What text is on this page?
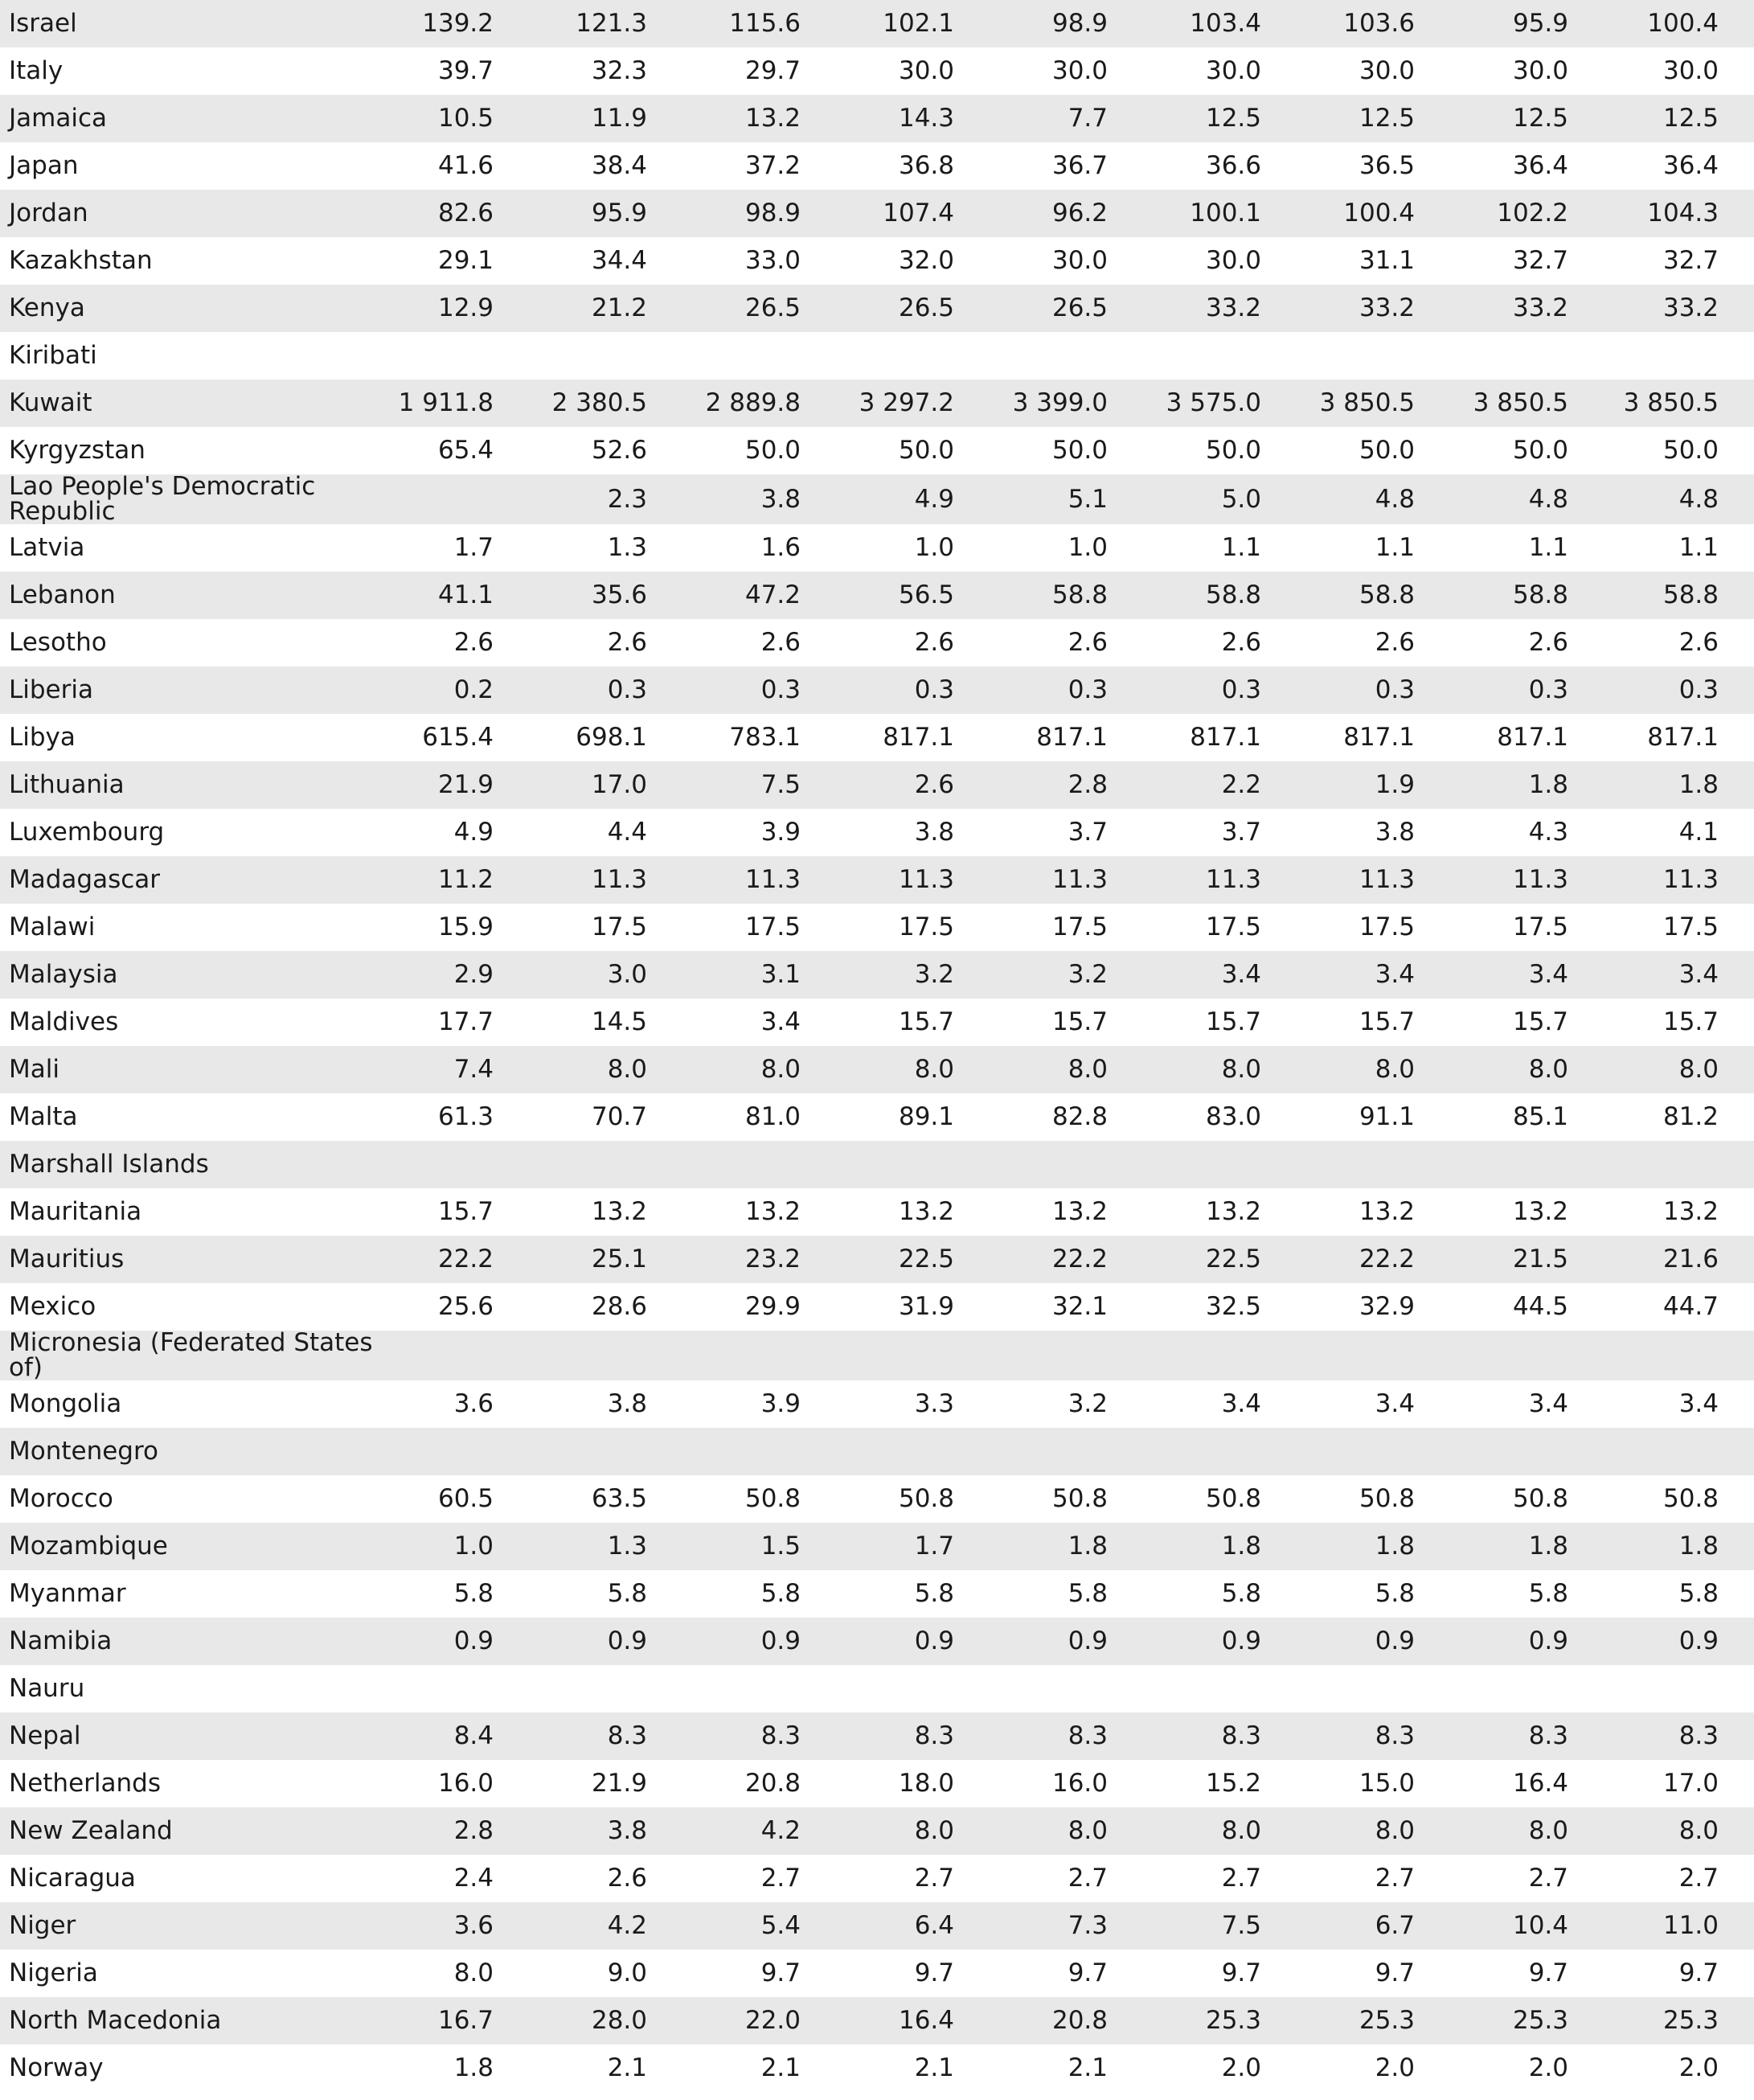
Israel	139.2	121.3	115.6	102.1	98.9	103.4	103.6	95.9	100.4
Italy	39.7	32.3	29.7	30.0	30.0	30.0	30.0	30.0	30.0
Jamaica	10.5	11.9	13.2	14.3	7.7	12.5	12.5	12.5	12.5
Japan	41.6	38.4	37.2	36.8	36.7	36.6	36.5	36.4	36.4
Jordan	82.6	95.9	98.9	107.4	96.2	100.1	100.4	102.2	104.3
Kazakhstan	29.1	34.4	33.0	32.0	30.0	30.0	31.1	32.7	32.7
Kenya	12.9	21.2	26.5	26.5	26.5	33.2	33.2	33.2	33.2
Kiribati									
Kuwait	1 911.8	2 380.5	2 889.8	3 297.2	3 399.0	3 575.0	3 850.5	3 850.5	3 850.5
Kyrgyzstan	65.4	52.6	50.0	50.0	50.0	50.0	50.0	50.0	50.0
Lao People's Democratic Republic		2.3	3.8	4.9	5.1	5.0	4.8	4.8	4.8
Latvia	1.7	1.3	1.6	1.0	1.0	1.1	1.1	1.1	1.1
Lebanon	41.1	35.6	47.2	56.5	58.8	58.8	58.8	58.8	58.8
Lesotho	2.6	2.6	2.6	2.6	2.6	2.6	2.6	2.6	2.6
Liberia	0.2	0.3	0.3	0.3	0.3	0.3	0.3	0.3	0.3
Libya	615.4	698.1	783.1	817.1	817.1	817.1	817.1	817.1	817.1
Lithuania	21.9	17.0	7.5	2.6	2.8	2.2	1.9	1.8	1.8
Luxembourg	4.9	4.4	3.9	3.8	3.7	3.7	3.8	4.3	4.1
Madagascar	11.2	11.3	11.3	11.3	11.3	11.3	11.3	11.3	11.3
Malawi	15.9	17.5	17.5	17.5	17.5	17.5	17.5	17.5	17.5
Malaysia	2.9	3.0	3.1	3.2	3.2	3.4	3.4	3.4	3.4
Maldives	17.7	14.5	3.4	15.7	15.7	15.7	15.7	15.7	15.7
Mali	7.4	8.0	8.0	8.0	8.0	8.0	8.0	8.0	8.0
Malta	61.3	70.7	81.0	89.1	82.8	83.0	91.1	85.1	81.2
Marshall Islands									
Mauritania	15.7	13.2	13.2	13.2	13.2	13.2	13.2	13.2	13.2
Mauritius	22.2	25.1	23.2	22.5	22.2	22.5	22.2	21.5	21.6
Mexico	25.6	28.6	29.9	31.9	32.1	32.5	32.9	44.5	44.7
Micronesia (Federated States of)									
Mongolia	3.6	3.8	3.9	3.3	3.2	3.4	3.4	3.4	3.4
Montenegro									
Morocco	60.5	63.5	50.8	50.8	50.8	50.8	50.8	50.8	50.8
Mozambique	1.0	1.3	1.5	1.7	1.8	1.8	1.8	1.8	1.8
Myanmar	5.8	5.8	5.8	5.8	5.8	5.8	5.8	5.8	5.8
Namibia	0.9	0.9	0.9	0.9	0.9	0.9	0.9	0.9	0.9
Nauru									
Nepal	8.4	8.3	8.3	8.3	8.3	8.3	8.3	8.3	8.3
Netherlands	16.0	21.9	20.8	18.0	16.0	15.2	15.0	16.4	17.0
New Zealand	2.8	3.8	4.2	8.0	8.0	8.0	8.0	8.0	8.0
Nicaragua	2.4	2.6	2.7	2.7	2.7	2.7	2.7	2.7	2.7
Niger	3.6	4.2	5.4	6.4	7.3	7.5	6.7	10.4	11.0
Nigeria	8.0	9.0	9.7	9.7	9.7	9.7	9.7	9.7	9.7
North Macedonia	16.7	28.0	22.0	16.4	20.8	25.3	25.3	25.3	25.3
Norway	1.8	2.1	2.1	2.1	2.1	2.0	2.0	2.0	2.0
